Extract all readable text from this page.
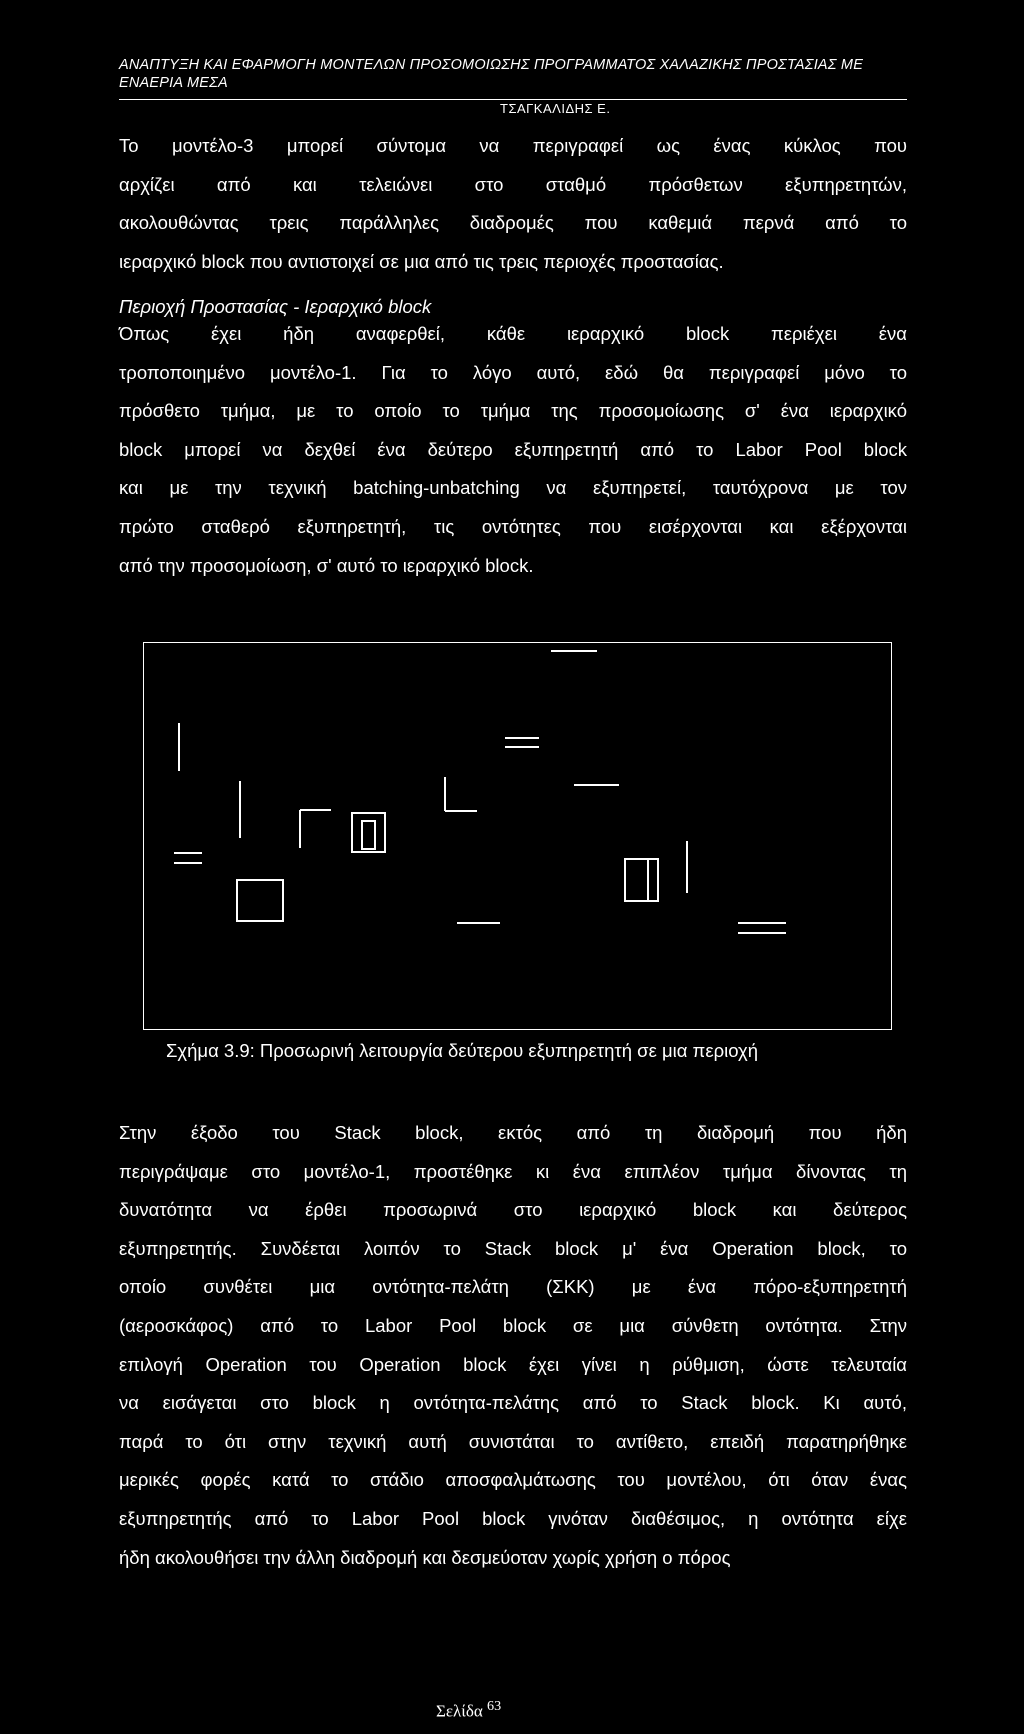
ΑΝΑΠΤΥΞΗ ΚΑΙ ΕΦΑΡΜΟΓΗ ΜΟΝΤΕΛΩΝ ΠΡΟΣΟΜΟΙΩΣΗΣ ΠΡΟΓΡΑΜΜΑΤΟΣ ΧΑΛΑΖΙΚΗΣ ΠΡΟΣΤΑΣΙΑΣ ΜΕ
ΕΝΑΕΡΙΑ ΜΕΣΑ
ΤΣΑΓΚΑΛΙΔΗΣ Ε.
Το μοντέλο-3 μπορεί σύντομα να περιγραφεί ως ένας κύκλος που
αρχίζει από και τελειώνει στο σταθμό πρόσθετων εξυπηρετητών,
ακολουθώντας τρεις παράλληλες διαδρομές που καθεμιά περνά από το
ιεραρχικό block που αντιστοιχεί σε μια από τις τρεις περιοχές προστασίας.
Περιοχή Προστασίας - Ιεραρχικό block
Όπως έχει ήδη αναφερθεί, κάθε ιεραρχικό block περιέχει ένα
τροποποιημένο μοντέλο-1. Για το λόγο αυτό, εδώ θα περιγραφεί μόνο το
πρόσθετο τμήμα, με το οποίο το τμήμα της προσομοίωσης σ' ένα ιεραρχικό
block μπορεί να δεχθεί ένα δεύτερο εξυπηρετητή από το Labor Pool block
και με την τεχνική batching-unbatching να εξυπηρετεί, ταυτόχρονα με τον
πρώτο σταθερό εξυπηρετητή, τις οντότητες που εισέρχονται και εξέρχονται
από την προσομοίωση, σ' αυτό το ιεραρχικό block.
Σχήμα 3.9: Προσωρινή λειτουργία δεύτερου εξυπηρετητή σε μια περιοχή
Στην έξοδο του Stack block, εκτός από τη διαδρομή που ήδη
περιγράψαμε στο μοντέλο-1, προστέθηκε κι ένα επιπλέον τμήμα δίνοντας τη
δυνατότητα να έρθει προσωρινά στο ιεραρχικό block και δεύτερος
εξυπηρετητής. Συνδέεται λοιπόν το Stack block μ' ένα Operation block, το
οποίο συνθέτει μια οντότητα-πελάτη (ΣΚΚ) με ένα πόρο-εξυπηρετητή
(αεροσκάφος) από το Labor Pool block σε μια σύνθετη οντότητα. Στην
επιλογή Operation του Operation block έχει γίνει η ρύθμιση, ώστε τελευταία
να εισάγεται στο block η οντότητα-πελάτης από το Stack block. Κι αυτό,
παρά το ότι στην τεχνική αυτή συνιστάται το αντίθετο, επειδή παρατηρήθηκε
μερικές φορές κατά το στάδιο αποσφαλμάτωσης του μοντέλου, ότι όταν ένας
εξυπηρετητής από το Labor Pool block γινόταν διαθέσιμος, η οντότητα είχε
ήδη ακολουθήσει την άλλη διαδρομή και δεσμεύοταν χωρίς χρήση ο πόρος
Σελίδα $^{63}$
